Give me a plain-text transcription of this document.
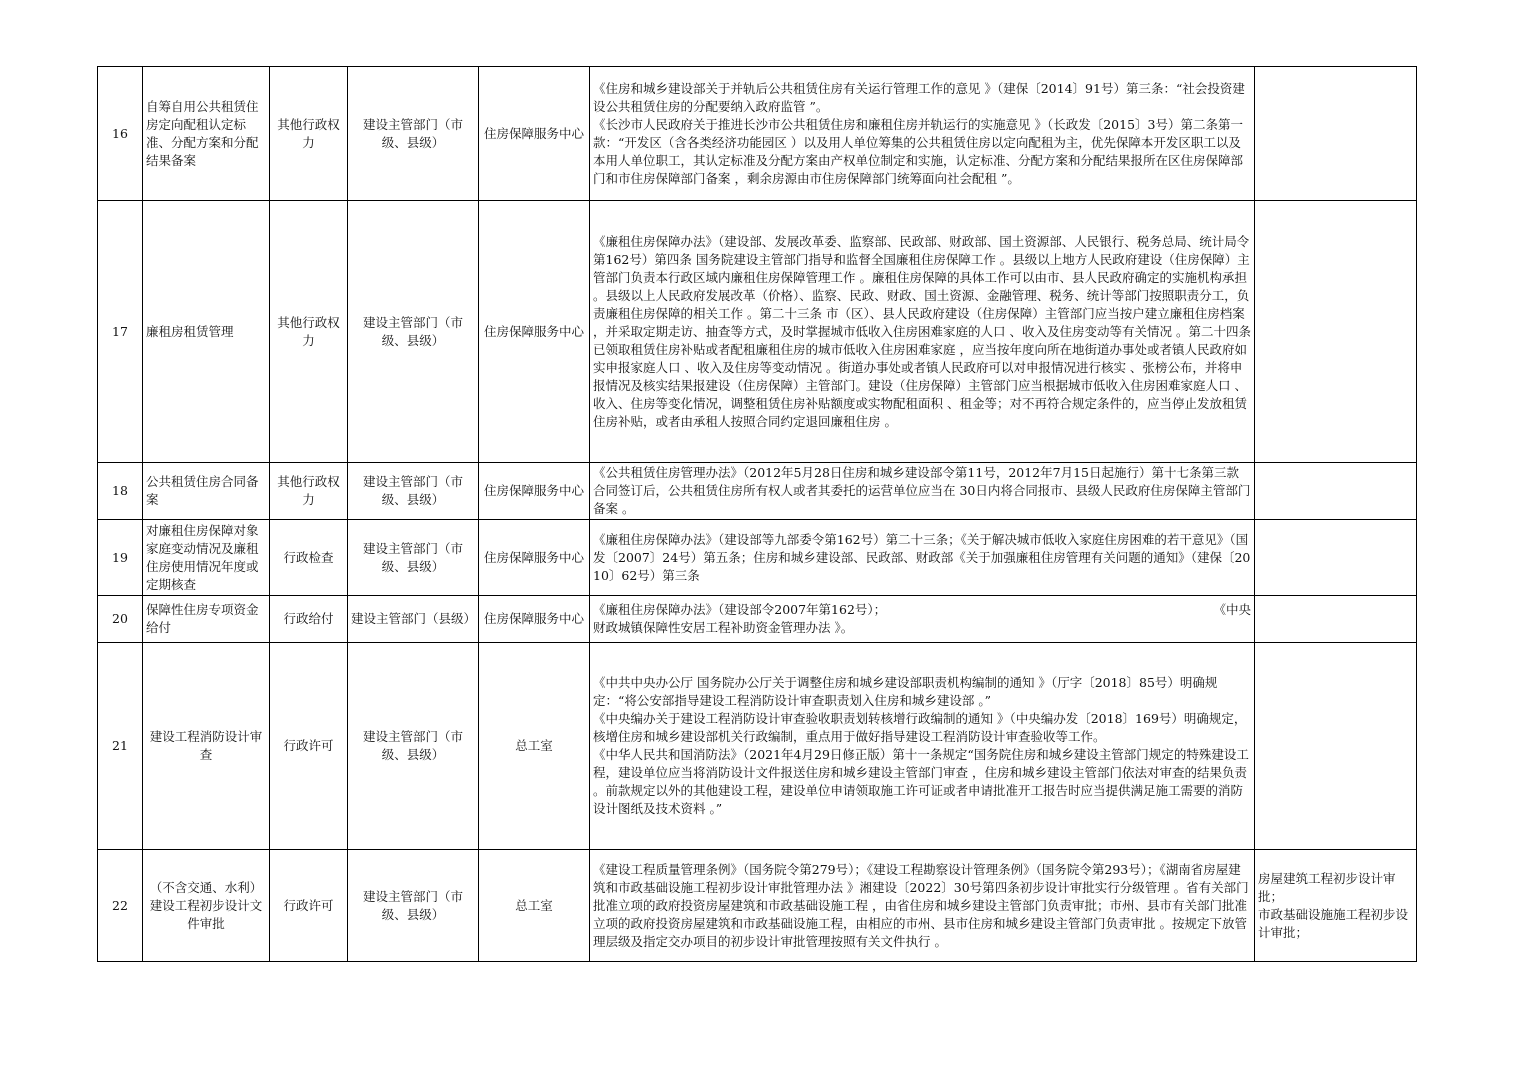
16	自筹自用公共租赁住房定向配租认定标准、分配方案和分配结果备案	其他行政权力	建设主管部门（市级、县级）	住房保障服务中心	《住房和城乡建设部关于并轨后公共租赁住房有关运行管理工作的意见 》（建保〔2014〕91号）第三条：“社会投资建设公共租赁住房的分配要纳入政府监管 ”。
《长沙市人民政府关于推进长沙市公共租赁住房和廉租住房并轨运行的实施意见 》（长政发〔2015〕3号）第二条第一款：“开发区（含各类经济功能园区 ）以及用人单位筹集的公共租赁住房以定向配租为主，优先保障本开发区职工以及本用人单位职工，其认定标准及分配方案由产权单位制定和实施，认定标准、分配方案和分配结果报所在区住房保障部门和市住房保障部门备案 ，剩余房源由市住房保障部门统筹面向社会配租 ”。	
17	廉租房租赁管理	其他行政权力	建设主管部门（市级、县级）	住房保障服务中心	《廉租住房保障办法》（建设部、发展改革委、监察部、民政部、财政部、国土资源部、人民银行、税务总局、统计局令第162号）第四条 国务院建设主管部门指导和监督全国廉租住房保障工作 。县级以上地方人民政府建设（住房保障）主管部门负责本行政区域内廉租住房保障管理工作 。廉租住房保障的具体工作可以由市、县人民政府确定的实施机构承担 。县级以上人民政府发展改革（价格）、监察、民政、财政、国土资源、金融管理、税务、统计等部门按照职责分工，负责廉租住房保障的相关工作 。第二十三条 市（区）、县人民政府建设（住房保障）主管部门应当按户建立廉租住房档案 ，并采取定期走访、抽查等方式，及时掌握城市低收入住房困难家庭的人口 、收入及住房变动等有关情况 。第二十四条 已领取租赁住房补贴或者配租廉租住房的城市低收入住房困难家庭 ，应当按年度向所在地街道办事处或者镇人民政府如实申报家庭人口 、收入及住房等变动情况 。街道办事处或者镇人民政府可以对申报情况进行核实 、张榜公布，并将申报情况及核实结果报建设（住房保障）主管部门。建设（住房保障）主管部门应当根据城市低收入住房困难家庭人口 、收入、住房等变化情况，调整租赁住房补贴额度或实物配租面积 、租金等；对不再符合规定条件的，应当停止发放租赁住房补贴，或者由承租人按照合同约定退回廉租住房 。	
18	公共租赁住房合同备案	其他行政权力	建设主管部门（市级、县级）	住房保障服务中心	《公共租赁住房管理办法》（2012年5月28日住房和城乡建设部令第11号，2012年7月15日起施行）第十七条第三款　合同签订后，公共租赁住房所有权人或者其委托的运营单位应当在 30日内将合同报市、县级人民政府住房保障主管部门备案 。	
19	对廉租住房保障对象家庭变动情况及廉租住房使用情况年度或定期核查	行政检查	建设主管部门（市级、县级）	住房保障服务中心	《廉租住房保障办法》（建设部等九部委令第162号）第二十三条；《关于解决城市低收入家庭住房困难的若干意见》（国发〔2007〕24号）第五条；住房和城乡建设部、民政部、财政部《关于加强廉租住房管理有关问题的通知》（建保〔2010〕62号）第三条	
20	保障性住房专项资金给付	行政给付	建设主管部门（县级）	住房保障服务中心	《廉租住房保障办法》（建设部令2007年第162号）； 《中央
财政城镇保障性安居工程补助资金管理办法 》。	
21	建设工程消防设计审查	行政许可	建设主管部门（市级、县级）	总工室	《中共中央办公厅 国务院办公厅关于调整住房和城乡建设部职责机构编制的通知 》（厅字〔2018〕85号）明确规定：“将公安部指导建设工程消防设计审查职责划入住房和城乡建设部 。”
《中央编办关于建设工程消防设计审查验收职责划转核增行政编制的通知 》（中央编办发〔2018〕169号）明确规定，核增住房和城乡建设部机关行政编制，重点用于做好指导建设工程消防设计审查验收等工作。
《中华人民共和国消防法》（2021年4月29日修正版）第十一条规定“国务院住房和城乡建设主管部门规定的特殊建设工程，建设单位应当将消防设计文件报送住房和城乡建设主管部门审查 ，住房和城乡建设主管部门依法对审查的结果负责 。前款规定以外的其他建设工程，建设单位申请领取施工许可证或者申请批准开工报告时应当提供满足施工需要的消防设计图纸及技术资料 。”	
22	（不含交通、水利）建设工程初步设计文件审批	行政许可	建设主管部门（市级、县级）	总工室	《建设工程质量管理条例》（国务院令第279号）；《建设工程勘察设计管理条例》（国务院令第293号）；《湖南省房屋建筑和市政基础设施工程初步设计审批管理办法 》湘建设〔2022〕30号第四条初步设计审批实行分级管理 。省有关部门批准立项的政府投资房屋建筑和市政基础设施工程 ，由省住房和城乡建设主管部门负责审批；市州、县市有关部门批准立项的政府投资房屋建筑和市政基础设施工程，由相应的市州、县市住房和城乡建设主管部门负责审批 。按规定下放管理层级及指定交办项目的初步设计审批管理按照有关文件执行 。	房屋建筑工程初步设计审批；
市政基础设施施工程初步设计审批；
